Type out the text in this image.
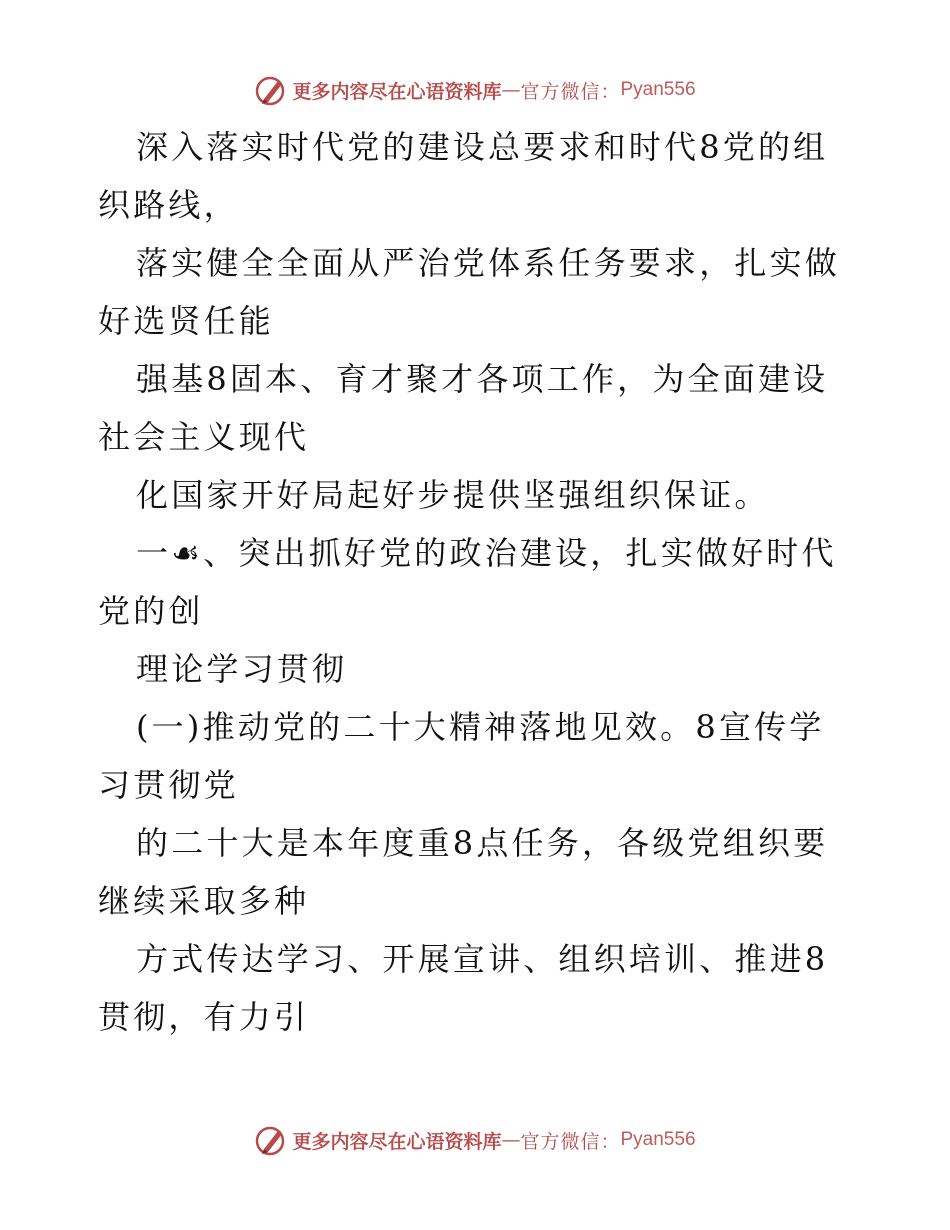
更多内容尽在心语资料库 — 官方微信： Pyan556

深入落实时代党的建设总要求和时代8党的组织路线，

落实健全全面从严治党体系任务要求，扎实做好选贤任能

强基8固本、育才聚才各项工作，为全面建设社会主义现代

化国家开好局起好步提供坚强组织保证。

一☙、突出抓好党的政治建设，扎实做好时代党的创

理论学习贯彻

(一)推动党的二十大精神落地见效。8宣传学习贯彻党

的二十大是本年度重8点任务，各级党组织要继续采取多种

方式传达学习、开展宣讲、组织培训、推进8贯彻，有力引

更多内容尽在心语资料库 — 官方微信： Pyan556
